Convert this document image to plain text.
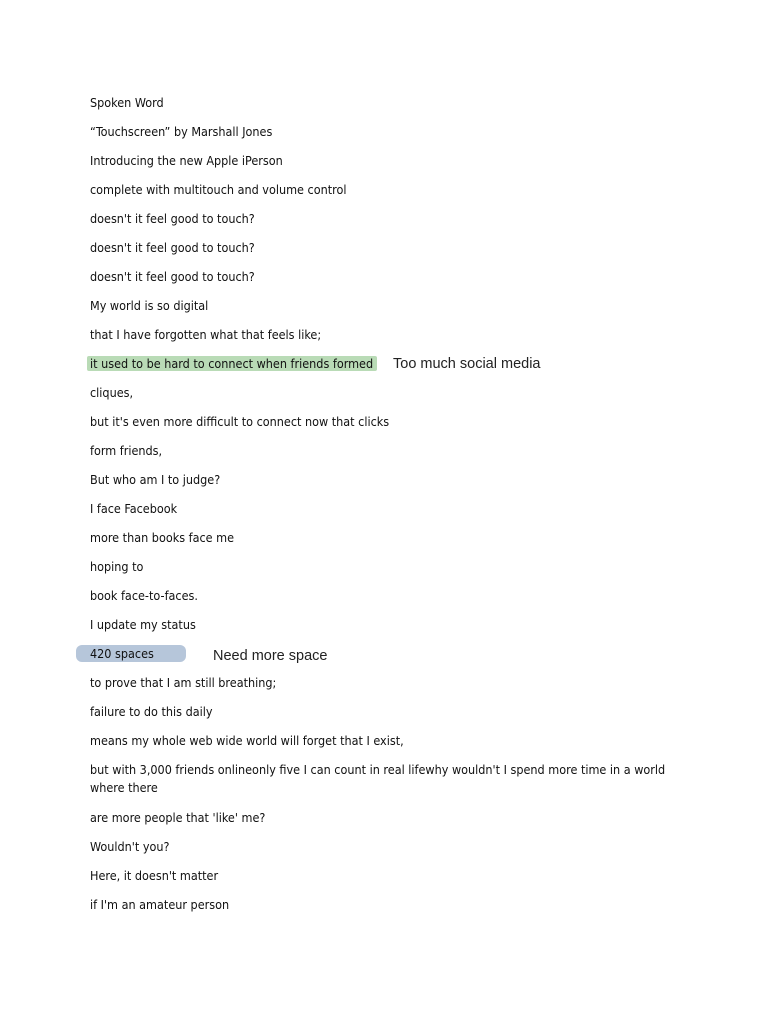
Spoken Word
“Touchscreen” by Marshall Jones
Introducing the new Apple iPerson
complete with multitouch and volume control
doesn't it feel good to touch?
doesn't it feel good to touch?
doesn't it feel good to touch?
My world is so digital
that I have forgotten what that feels like;
it used to be hard to connect when friends formed
cliques,
but it's even more difficult to connect now that clicks
form friends,
But who am I to judge?
I face Facebook
more than books face me
hoping to
book face-to-faces.
I update my status
420 spaces
to prove that I am still breathing;
failure to do this daily
means my whole web wide world will forget that I exist,
but with 3,000 friends onlineonly five I can count in real lifewhy wouldn't I spend more time in a world where there
are more people that 'like' me?
Wouldn't you?
Here, it doesn't matter
if I'm an amateur person
Too much social media
Need more space
